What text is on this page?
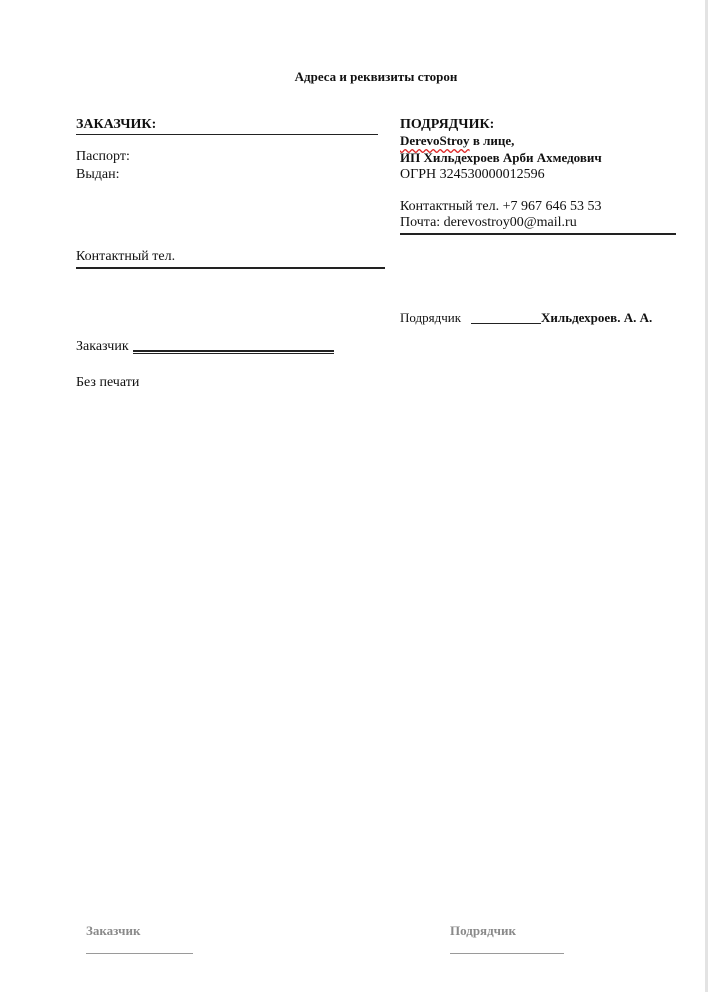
Адреса и реквизиты сторон
ЗАКАЗЧИК:
Паспорт:
Выдан:
Контактный тел.
Заказчик
Без печати
ПОДРЯДЧИК:
DerevoStroy в лице,
ИП Хильдехроев Арби Ахмедович
ОГРН 324530000012596
Контактный тел. +7 967 646 53 53
Почта: derevostroy00@mail.ru
Подрядчик	Хильдехроев. А. А.
Заказчик	Подрядчик
